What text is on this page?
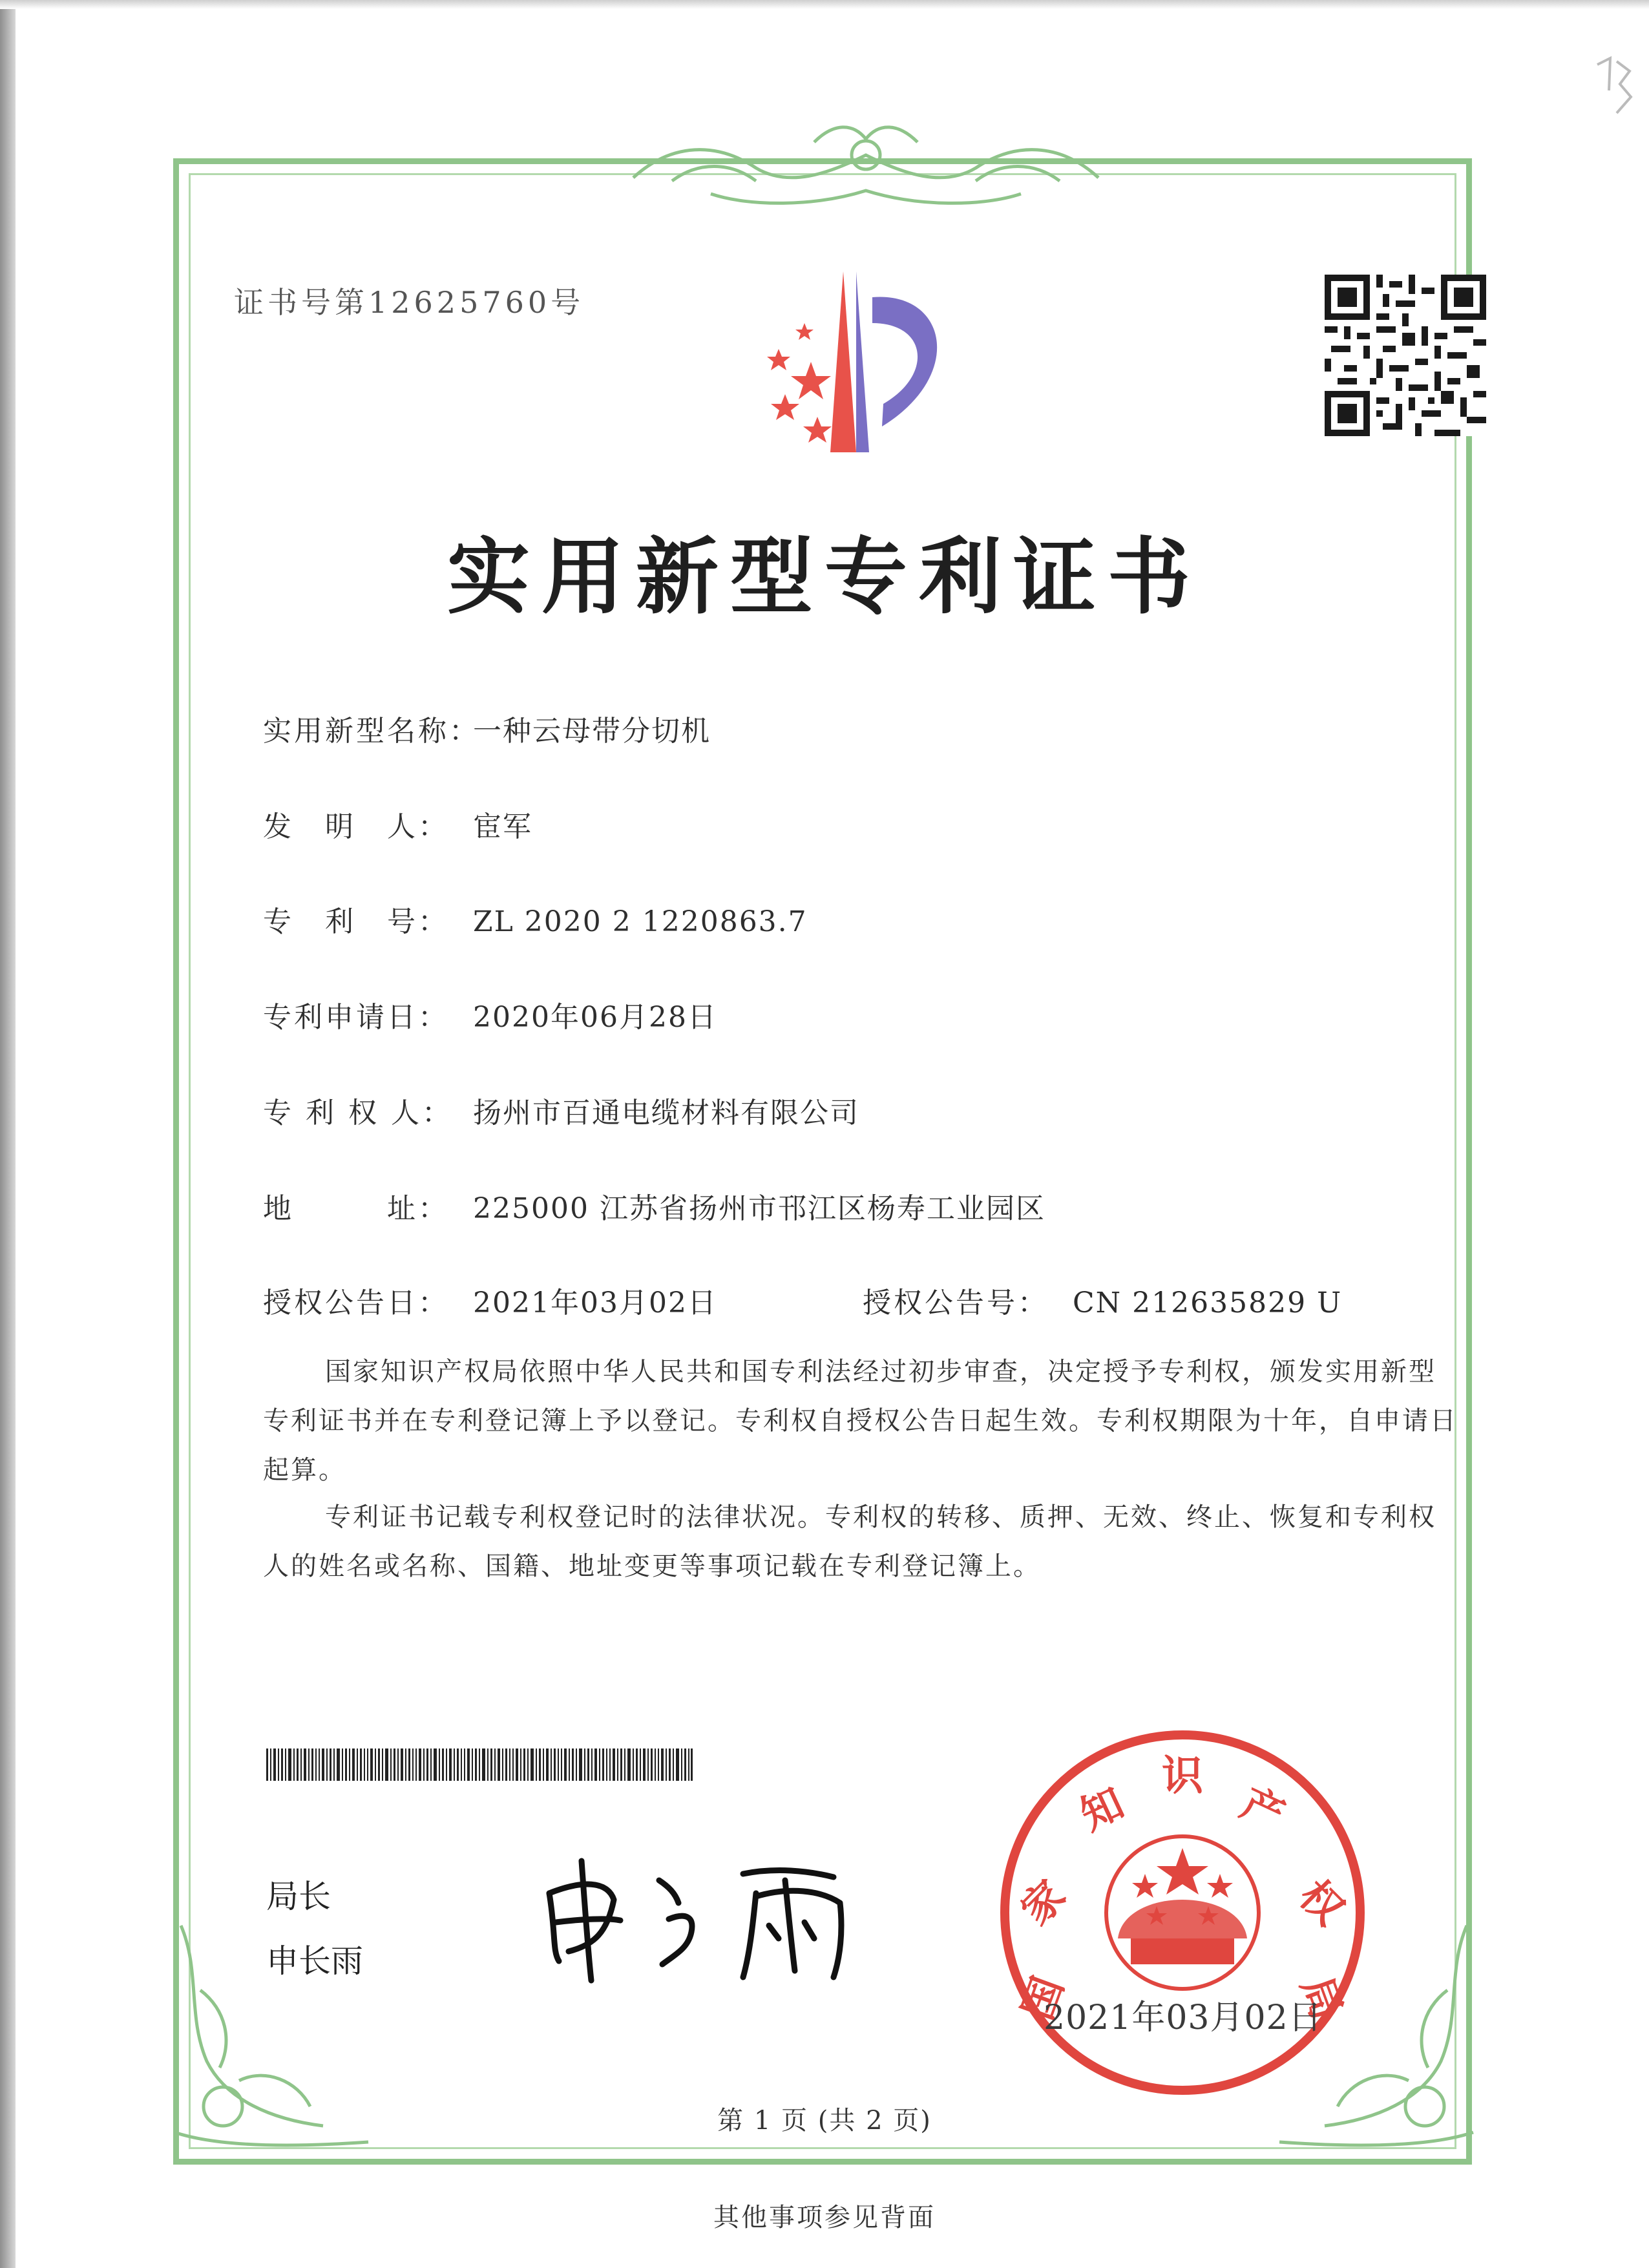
证书号第12625760号
实用新型专利证书
实用新型名称：一种云母带分切机
发　明　人： 宦军
专　利　号： ZL 2020 2 1220863.7
专利申请日： 2020年06月28日
专 利 权 人： 扬州市百通电缆材料有限公司
地　　　址： 225000 江苏省扬州市邗江区杨寿工业园区
授权公告日： 2021年03月02日	授权公告号： CN 212635829 U
国家知识产权局依照中华人民共和国专利法经过初步审查，决定授予专利权，颁发实用新型专利证书并在专利登记簿上予以登记。专利权自授权公告日起生效。专利权期限为十年，自申请日起算。
专利证书记载专利权登记时的法律状况。专利权的转移、质押、无效、终止、恢复和专利权人的姓名或名称、国籍、地址变更等事项记载在专利登记簿上。
局长
申长雨
国
家
知
识
产
权
局
2021年03月02日
第 1 页 (共 2 页)
其他事项参见背面
